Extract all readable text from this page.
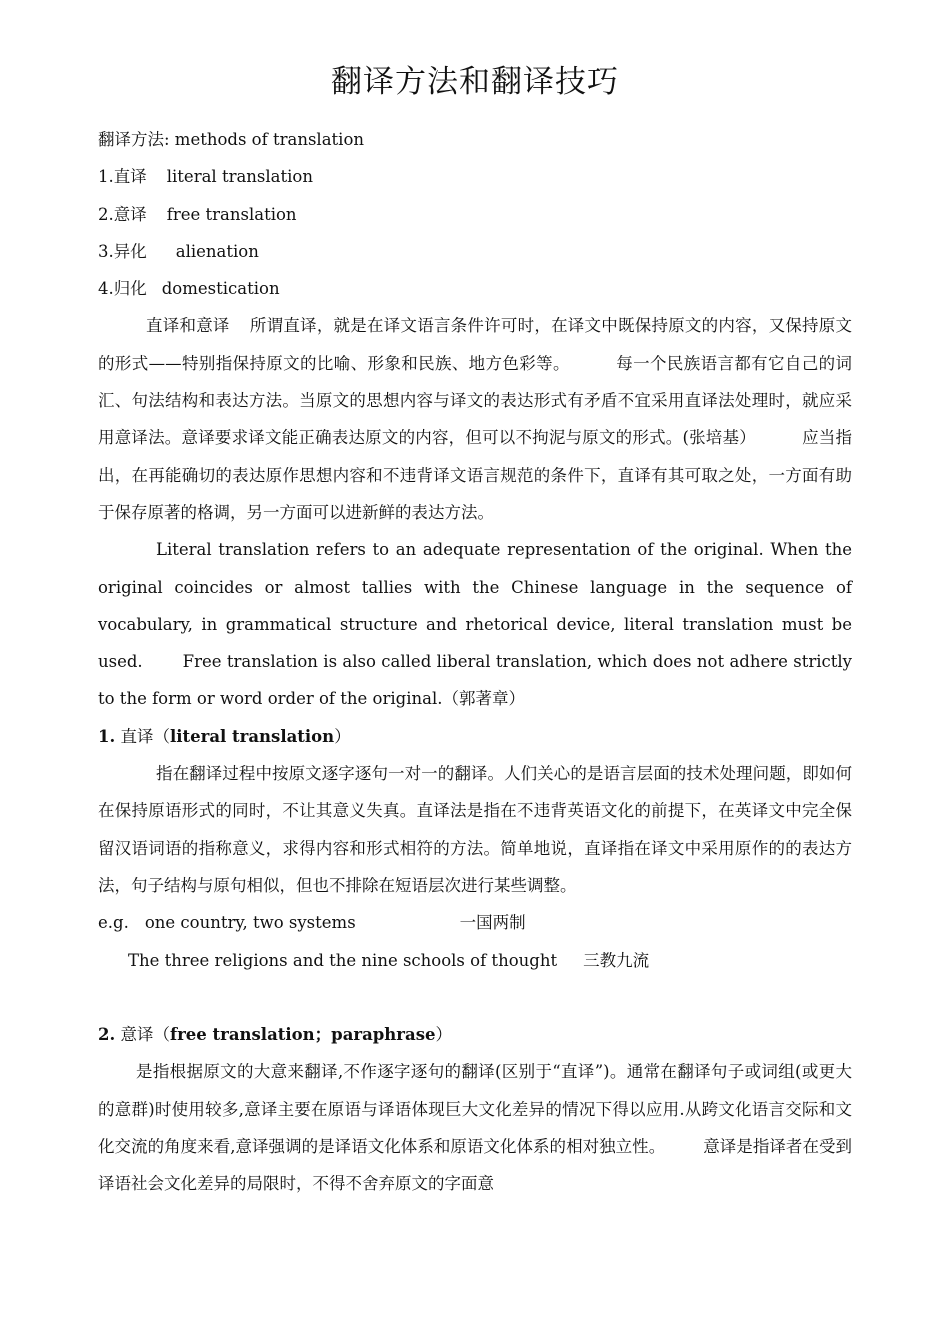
翻译方法和翻译技巧

翻译方法: methods of translation

1.直译 literal translation

2.意译 free translation

3.异化 alienation

4.归化 domestication

直译和意译 所谓直译，就是在译文语言条件许可时，在译文中既保持原文的内容，又保持原文的形式——特别指保持原文的比喻、形象和民族、地方色彩等。	每一个民族语言都有它自己的词汇、句法结构和表达方法。当原文的思想内容与译文的表达形式有矛盾不宜采用直译法处理时，就应采用意译法。意译要求译文能正确表达原文的内容，但可以不拘泥与原文的形式。(张培基）	应当指出，在再能确切的表达原作思想内容和不违背译文语言规范的条件下，直译有其可取之处，一方面有助于保存原著的格调，另一方面可以进新鲜的表达方法。

Literal translation refers to an adequate representation of the original. When the original coincides or almost tallies with the Chinese language in the sequence of vocabulary, in grammatical structure and rhetorical device, literal translation must be used. Free translation is also called liberal translation, which does not adhere strictly to the form or word order of the original.（郭著章）

1. 直译（literal translation）

指在翻译过程中按原文逐字逐句一对一的翻译。人们关心的是语言层面的技术处理问题，即如何在保持原语形式的同时，不让其意义失真。直译法是指在不违背英语文化的前提下，在英译文中完全保留汉语词语的指称意义，求得内容和形式相符的方法。简单地说，直译指在译文中采用原作的的表达方法，句子结构与原句相似，但也不排除在短语层次进行某些调整。

e.g. one country, two systems	一国两制

The three religions and the nine schools of thought 三教九流

2. 意译（free translation；paraphrase）

是指根据原文的大意来翻译,不作逐字逐句的翻译(区别于“直译”)。通常在翻译句子或词组(或更大的意群)时使用较多,意译主要在原语与译语体现巨大文化差异的情况下得以应用.从跨文化语言交际和文化交流的角度来看,意译强调的是译语文化体系和原语文化体系的相对独立性。 意译是指译者在受到译语社会文化差异的局限时，不得不舍弃原文的字面意
